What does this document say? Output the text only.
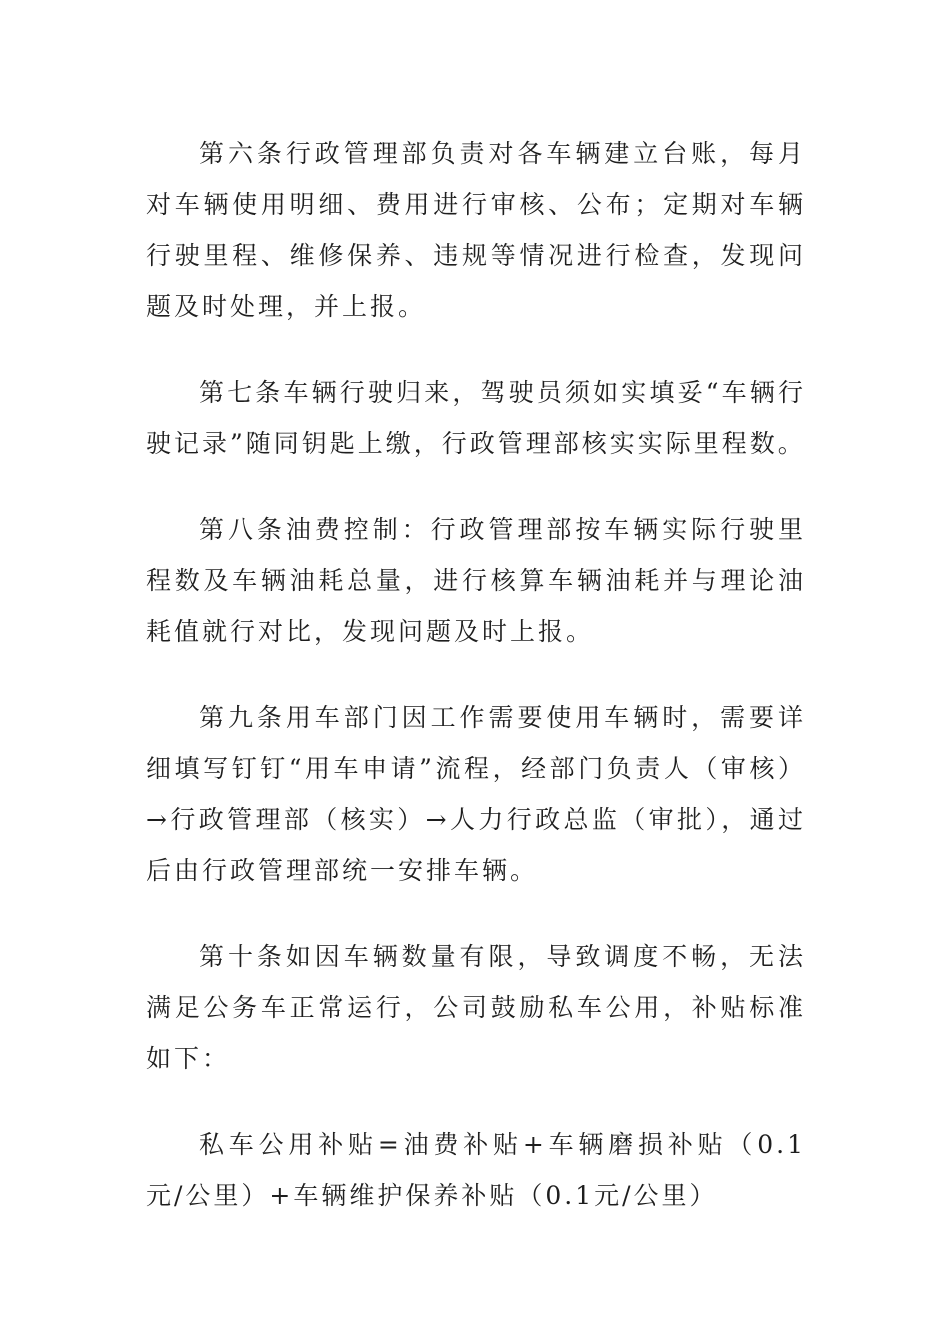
第六条行政管理部负责对各车辆建立台账，每月对车辆使用明细、费用进行审核、公布；定期对车辆行驶里程、维修保养、违规等情况进行检查，发现问题及时处理，并上报。

第七条车辆行驶归来，驾驶员须如实填妥“车辆行驶记录”随同钥匙上缴，行政管理部核实实际里程数。

第八条油费控制：行政管理部按车辆实际行驶里程数及车辆油耗总量，进行核算车辆油耗并与理论油耗值就行对比，发现问题及时上报。

第九条用车部门因工作需要使用车辆时，需要详细填写钉钉“用车申请”流程，经部门负责人（审核）→行政管理部（核实）→人力行政总监（审批），通过后由行政管理部统一安排车辆。

第十条如因车辆数量有限，导致调度不畅，无法满足公务车正常运行，公司鼓励私车公用，补贴标准如下：

私车公用补贴=油费补贴+车辆磨损补贴（0.1元/公里）+车辆维护保养补贴（0.1元/公里）
